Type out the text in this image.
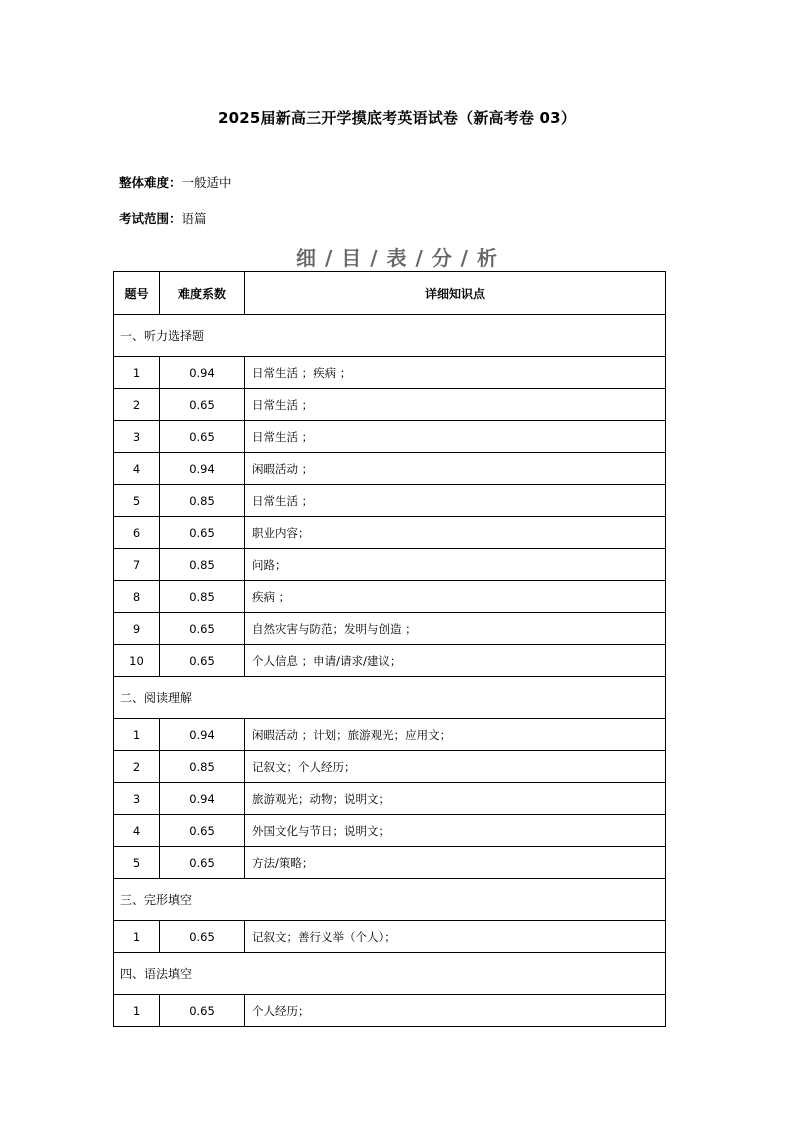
2025届新高三开学摸底考英语试卷（新高考卷 03）
整体难度：一般适中
考试范围：语篇
细 / 目 / 表 / 分 / 析
题号	难度系数	详细知识点
一、听力选择题		
1	0.94	日常生活 ；疾病 ；
2	0.65	日常生活 ；
3	0.65	日常生活 ；
4	0.94	闲暇活动 ；
5	0.85	日常生活 ；
6	0.65	职业内容；
7	0.85	问路；
8	0.85	疾病 ；
9	0.65	自然灾害与防范；发明与创造 ；
10	0.65	个人信息 ；申请/请求/建议；
二、阅读理解		
1	0.94	闲暇活动 ；计划；旅游观光；应用文；
2	0.85	记叙文；个人经历；
3	0.94	旅游观光；动物；说明文；
4	0.65	外国文化与节日；说明文；
5	0.65	方法/策略；
三、完形填空		
1	0.65	记叙文；善行义举（个人）；
四、语法填空		
1	0.65	个人经历；
